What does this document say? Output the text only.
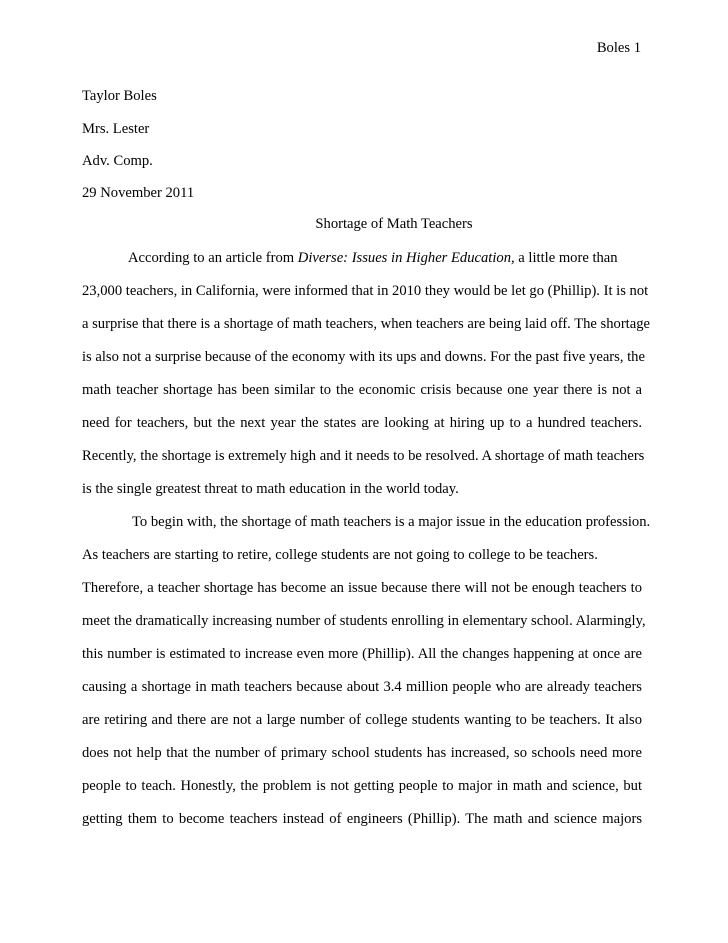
Boles 1
Taylor Boles
Mrs. Lester
Adv. Comp.
29 November 2011
Shortage of Math Teachers
According to an article from Diverse: Issues in Higher Education, a little more than
23,000 teachers, in California, were informed that in 2010 they would be let go (Phillip). It is not
a surprise that there is a shortage of math teachers, when teachers are being laid off. The shortage
is also not a surprise because of the economy with its ups and downs. For the past five years, the
math teacher shortage has been similar to the economic crisis because one year there is not a
need for teachers, but the next year the states are looking at hiring up to a hundred teachers.
Recently, the shortage is extremely high and it needs to be resolved. A shortage of math teachers
is the single greatest threat to math education in the world today.
To begin with, the shortage of math teachers is a major issue in the education profession.
As teachers are starting to retire, college students are not going to college to be teachers.
Therefore, a teacher shortage has become an issue because there will not be enough teachers to
meet the dramatically increasing number of students enrolling in elementary school. Alarmingly,
this number is estimated to increase even more (Phillip). All the changes happening at once are
causing a shortage in math teachers because about 3.4 million people who are already teachers
are retiring and there are not a large number of college students wanting to be teachers. It also
does not help that the number of primary school students has increased, so schools need more
people to teach. Honestly, the problem is not getting people to major in math and science, but
getting them to become teachers instead of engineers (Phillip). The math and science majors
